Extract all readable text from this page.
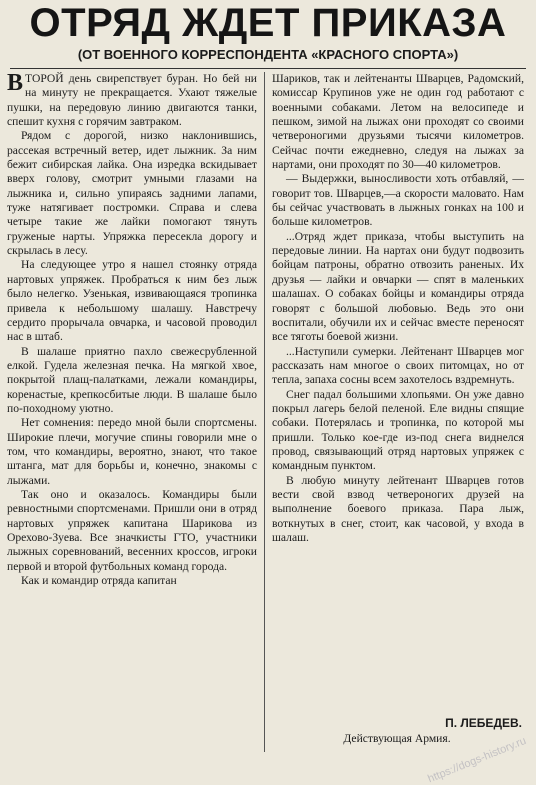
ОТРЯД ЖДЕТ ПРИКАЗА
(ОТ ВОЕННОГО КОРРЕСПОНДЕНТА «КРАСНОГО СПОРТА»)

ВТОРОЙ день свирепствует буран. Но бей ни на минуту не прекращается. Ухают тяжелые пушки, на передовую линию двигаются танки, спешит кухня с горячим завтраком.

Рядом с дорогой, низко наклонившись, рассекая встречный ветер, идет лыжник. За ним бежит сибирская лайка. Она изредка вскидывает вверх голову, смотрит умными глазами на лыжника и, сильно упираясь задними лапами, туже натягивает постромки. Справа и слева четыре такие же лайки помогают тянуть груженые нарты. Упряжка пересекла дорогу и скрылась в лесу.

На следующее утро я нашел стоянку отряда нартовых упряжек. Пробраться к ним без лыж было нелегко. Узенькая, извивающаяся тропинка привела к небольшому шалашу. Навстречу сердито прорычала овчарка, и часовой проводил нас в штаб.

В шалаше приятно пахло свежесрубленной елкой. Гудела железная печка. На мягкой хвое, покрытой плащ-палатками, лежали командиры, коренастые, крепкосбитые люди. В шалаше было по-походному уютно.

Нет сомнения: передо мной были спортсмены. Широкие плечи, могучие спины говорили мне о том, что командиры, вероятно, знают, что такое штанга, мат для борьбы и, конечно, знакомы с лыжами.

Так оно и оказалось. Командиры были ревностными спортсменами. Пришли они в отряд нартовых упряжек капитана Шарикова из Орехово-Зуева. Все значкисты ГТО, участники лыжных соревнований, весенних кроссов, игроки первой и второй футбольных команд города.

Как и командир отряда капитан

Шариков, так и лейтенанты Шварцев, Радомский, комиссар Крупинов уже не один год работают с военными собаками. Летом на велосипеде и пешком, зимой на лыжах они проходят со своими четвероногими друзьями тысячи километров. Сейчас почти ежедневно, следуя на лыжах за нартами, они проходят по 30—40 километров.

— Выдержки, выносливости хоть отбавляй, — говорит тов. Шварцев,—а скорости маловато. Нам бы сейчас участвовать в лыжных гонках на 100 и больше километров.

...Отряд ждет приказа, чтобы выступить на передовые линии. На нартах они будут подвозить бойцам патроны, обратно отвозить раненых. Их друзья — лайки и овчарки — спят в маленьких шалашах. О собаках бойцы и командиры отряда говорят с большой любовью. Ведь это они воспитали, обучили их и сейчас вместе переносят все тяготы боевой жизни.

...Наступили сумерки. Лейтенант Шварцев мог рассказать нам многое о своих питомцах, но от тепла, запаха сосны всем захотелось вздремнуть.

Снег падал большими хлопьями. Он уже давно покрыл лагерь белой пеленой. Еле видны спящие собаки. Потерялась и тропинка, по которой мы пришли. Только кое-где из-под снега виднелся провод, связывающий отряд нартовых упряжек с командным пунктом.

В любую минуту лейтенант Шварцев готов вести свой взвод четвероногих друзей на выполнение боевого приказа. Пара лыж, воткнутых в снег, стоит, как часовой, у входа в шалаш.

П. ЛЕБЕДЕВ.
Действующая Армия.
https://dogs-history.ru
